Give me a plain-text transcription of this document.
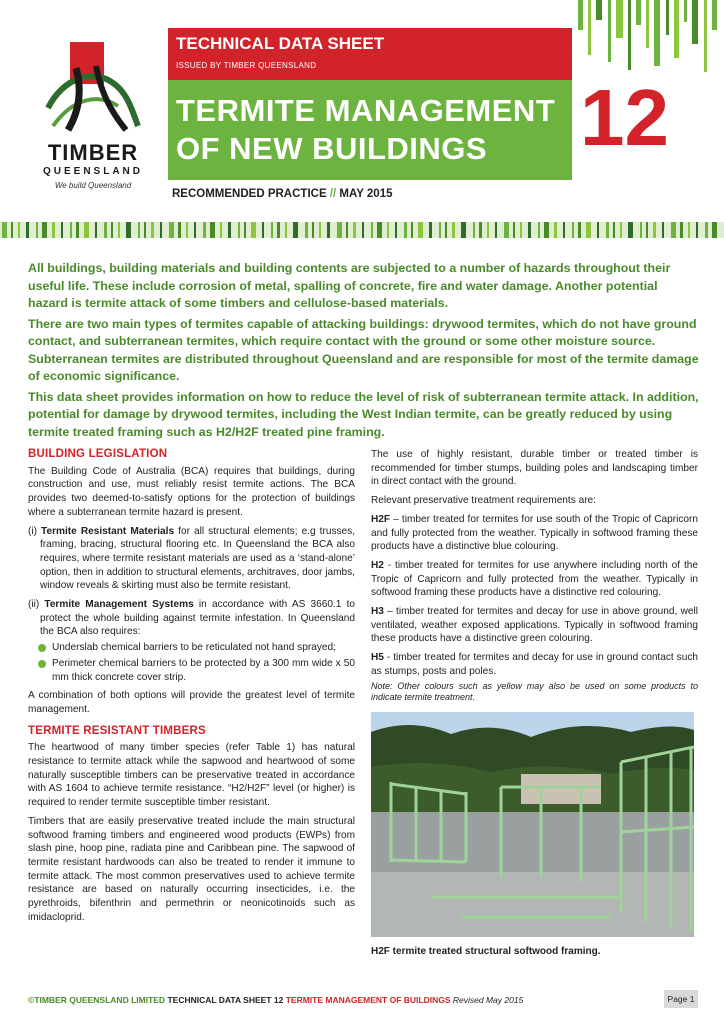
TIMBER
QUEENSLAND
We build Queensland
TECHNICAL DATA SHEET
ISSUED BY TIMBER QUEENSLAND
TERMITE MANAGEMENT
OF NEW BUILDINGS	12
RECOMMENDED PRACTICE // MAY 2015

All buildings, building materials and building contents are subjected to a number of hazards throughout their useful life. These include corrosion of metal, spalling of concrete, fire and water damage. Another potential hazard is termite attack of some timbers and cellulose-based materials.

There are two main types of termites capable of attacking buildings: drywood termites, which do not have ground contact, and subterranean termites, which require contact with the ground or some other moisture source. Subterranean termites are distributed throughout Queensland and are responsible for most of the termite damage of economic significance.

This data sheet provides information on how to reduce the level of risk of subterranean termite attack. In addition, potential for damage by drywood termites, including the West Indian termite, can be greatly reduced by using termite treated framing such as H2/H2F treated pine framing.

BUILDING LEGISLATION

The Building Code of Australia (BCA) requires that buildings, during construction and use, must reliably resist termite actions. The BCA provides two deemed-to-satisfy options for the protection of buildings where a subterranean termite hazard is present.

(i) Termite Resistant Materials for all structural elements; e.g trusses, framing, bracing, structural flooring etc. In Queensland the BCA also requires, where termite resistant materials are used as a ‘stand-alone’ option, then in addition to structural elements, architraves, door jambs, window reveals & skirting must also be termite resistant.

(ii) Termite Management Systems in accordance with AS 3660.1 to protect the whole building against termite infestation. In Queensland the BCA also requires:

Underslab chemical barriers to be reticulated not hand sprayed;

Perimeter chemical barriers to be protected by a 300 mm wide x 50 mm thick concrete cover strip.

A combination of both options will provide the greatest level of termite management.

TERMITE RESISTANT TIMBERS

The heartwood of many timber species (refer Table 1) has natural resistance to termite attack while the sapwood and heartwood of some naturally susceptible timbers can be preservative treated in accordance with AS 1604 to achieve termite resistance. “H2/H2F” level (or higher) is required to render termite susceptible timber resistant.

Timbers that are easily preservative treated include the main structural softwood framing timbers and engineered wood products (EWPs) from slash pine, hoop pine, radiata pine and Caribbean pine. The sapwood of termite resistant hardwoods can also be treated to render it immune to termite attack. The most common preservatives used to achieve termite resistance are based on naturally occurring insecticides, i.e. the pyrethroids, bifenthrin and permethrin or neonicotinoids such as imidacloprid.

The use of highly resistant, durable timber or treated timber is recommended for timber stumps, building poles and landscaping timber in direct contact with the ground.

Relevant preservative treatment requirements are:

H2F – timber treated for termites for use south of the Tropic of Capricorn and fully protected from the weather. Typically in softwood framing these products have a distinctive blue colouring.

H2 - timber treated for termites for use anywhere including north of the Tropic of Capricorn and fully protected from the weather. Typically in softwood framing these products have a distinctive red colouring.

H3 – timber treated for termites and decay for use in above ground, well ventilated, weather exposed applications. Typically in softwood framing these products have a distinctive green colouring.

H5 - timber treated for termites and decay for use in ground contact such as stumps, posts and poles.

Note: Other colours such as yellow may also be used on some products to indicate termite treatment.

H2F termite treated structural softwood framing.
©TIMBER QUEENSLAND LIMITED TECHNICAL DATA SHEET 12 TERMITE MANAGEMENT OF BUILDINGS Revised May 2015	Page 1
